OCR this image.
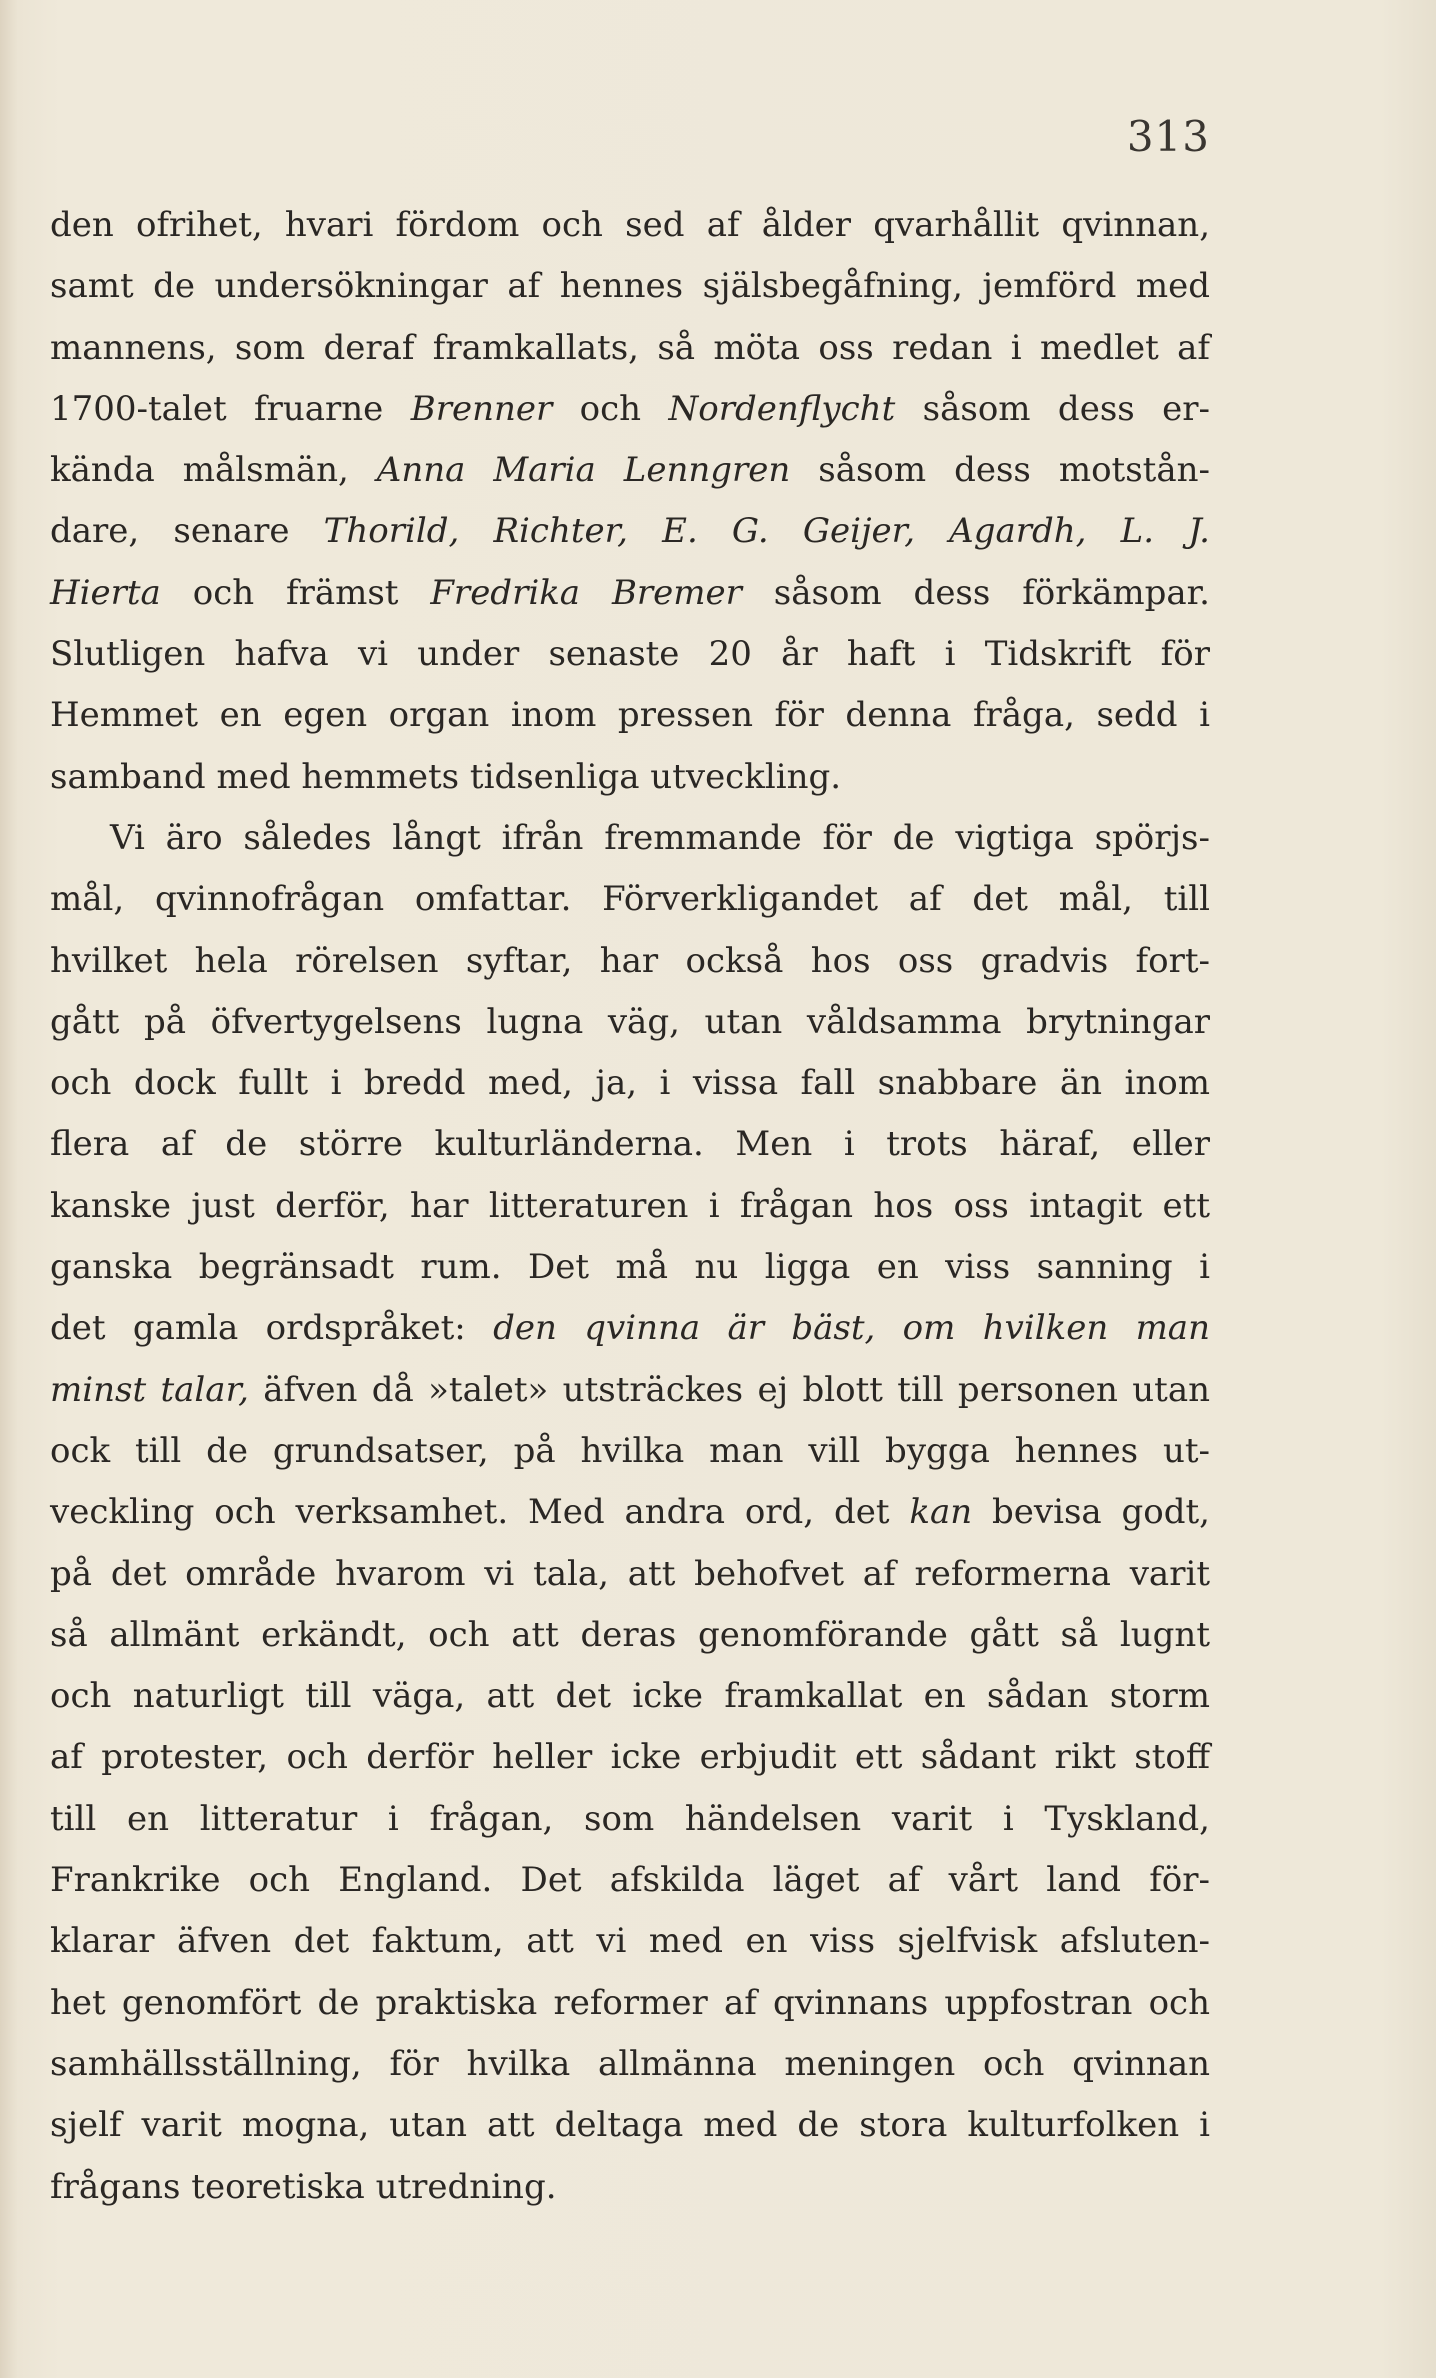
313
den ofrihet, hvari fördom och sed af ålder qvarhållit qvinnan,
samt de undersökningar af hennes själsbegåfning, jemförd med
mannens, som deraf framkallats, så möta oss redan i medlet af
1700-talet fruarne Brenner och Nordenflycht såsom dess er-
kända målsmän, Anna Maria Lenngren såsom dess motstån-
dare, senare Thorild, Richter, E. G. Geijer, Agardh, L. J.
Hierta och främst Fredrika Bremer såsom dess förkämpar.
Slutligen hafva vi under senaste 20 år haft i Tidskrift för
Hemmet en egen organ inom pressen för denna fråga, sedd i
samband med hemmets tidsenliga utveckling.
Vi äro således långt ifrån fremmande för de vigtiga spörjs-
mål, qvinnofrågan omfattar. Förverkligandet af det mål, till
hvilket hela rörelsen syftar, har också hos oss gradvis fort-
gått på öfvertygelsens lugna väg, utan våldsamma brytningar
och dock fullt i bredd med, ja, i vissa fall snabbare än inom
flera af de större kulturländerna. Men i trots häraf, eller
kanske just derför, har litteraturen i frågan hos oss intagit ett
ganska begränsadt rum. Det må nu ligga en viss sanning i
det gamla ordspråket: den qvinna är bäst, om hvilken man
minst talar, äfven då »talet» utsträckes ej blott till personen utan
ock till de grundsatser, på hvilka man vill bygga hennes ut-
veckling och verksamhet. Med andra ord, det kan bevisa godt,
på det område hvarom vi tala, att behofvet af reformerna varit
så allmänt erkändt, och att deras genomförande gått så lugnt
och naturligt till väga, att det icke framkallat en sådan storm
af protester, och derför heller icke erbjudit ett sådant rikt stoff
till en litteratur i frågan, som händelsen varit i Tyskland,
Frankrike och England. Det afskilda läget af vårt land för-
klarar äfven det faktum, att vi med en viss sjelfvisk afsluten-
het genomfört de praktiska reformer af qvinnans uppfostran och
samhällsställning, för hvilka allmänna meningen och qvinnan
sjelf varit mogna, utan att deltaga med de stora kulturfolken i
frågans teoretiska utredning.
